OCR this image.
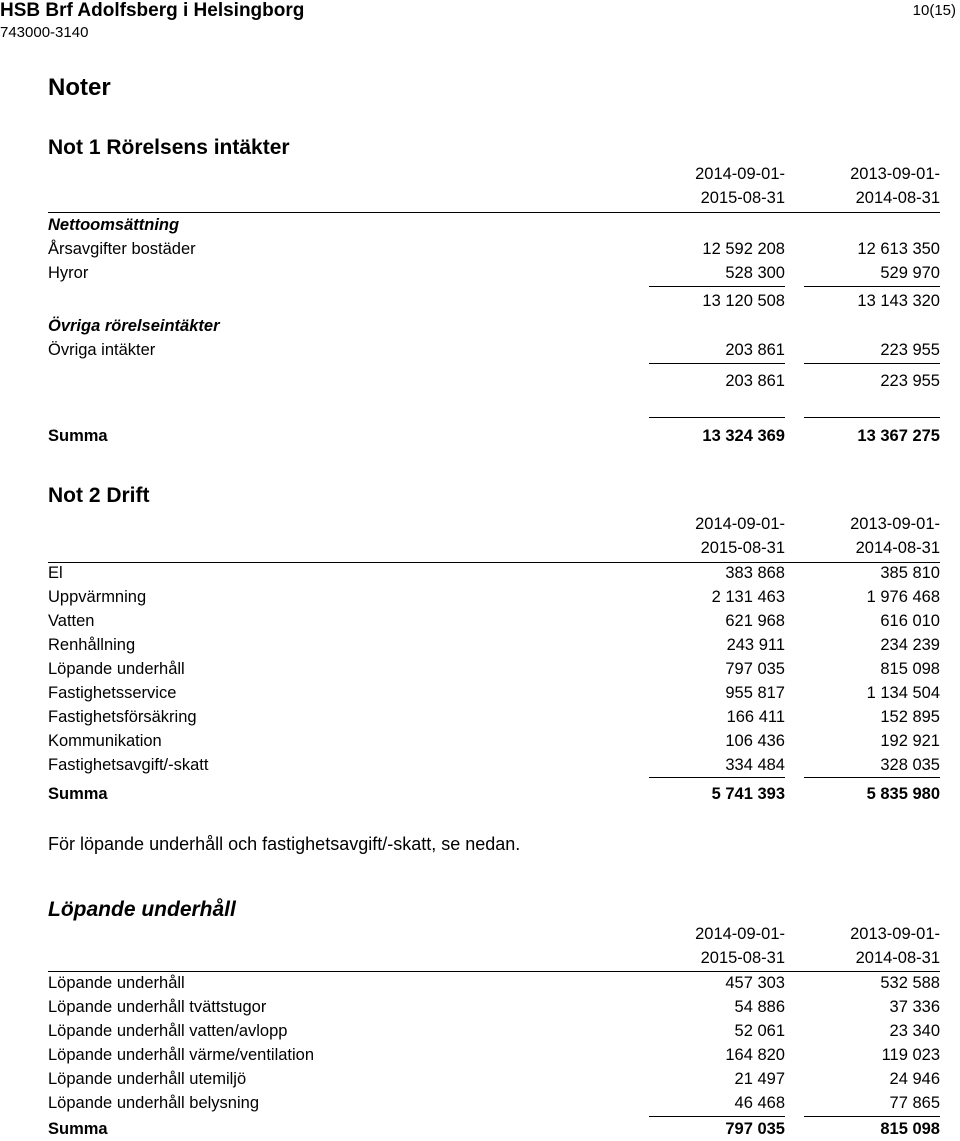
HSB Brf Adolfsberg i Helsingborg
743000-3140
10(15)
Noter
Not 1 Rörelsens intäkter
2014-09-01-
2015-08-31
2013-09-01-
2014-08-31
Nettoomsättning
Årsavgifter bostäder	12 592 208	12 613 350
Hyror	528 300	529 970
13 120 508	13 143 320
Övriga rörelseintäkter
Övriga intäkter	203 861	223 955
203 861	223 955
Summa	13 324 369	13 367 275
Not 2 Drift
2014-09-01-
2015-08-31
2013-09-01-
2014-08-31
El	383 868	385 810
Uppvärmning	2 131 463	1 976 468
Vatten	621 968	616 010
Renhållning	243 911	234 239
Löpande underhåll	797 035	815 098
Fastighetsservice	955 817	1 134 504
Fastighetsförsäkring	166 411	152 895
Kommunikation	106 436	192 921
Fastighetsavgift/-skatt	334 484	328 035
Summa	5 741 393	5 835 980
För löpande underhåll och fastighetsavgift/-skatt, se nedan.
Löpande underhåll
2014-09-01-
2015-08-31
2013-09-01-
2014-08-31
Löpande underhåll	457 303	532 588
Löpande underhåll tvättstugor	54 886	37 336
Löpande underhåll vatten/avlopp	52 061	23 340
Löpande underhåll värme/ventilation	164 820	119 023
Löpande underhåll utemiljö	21 497	24 946
Löpande underhåll belysning	46 468	77 865
Summa	797 035	815 098
